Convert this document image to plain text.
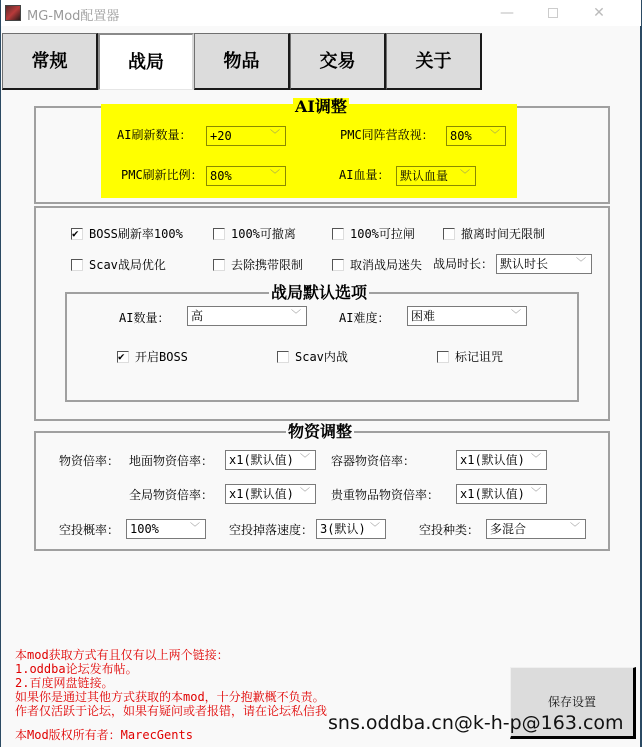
MG-Mod配置器	—	✕
常规	战局	物品	交易	关于
AI调整
AI刷新数量：	+20	﹀	PMC同阵营敌视：	80% ﹀
PMC刷新比例： 80%	﹀	AI血量： 默认血量 ﹀
✔BOSS刷新率100%	100%可撤离	100%可拉闸	撤离时间无限制
Scav战局优化	去除携带限制	取消战局迷失 战局时长： 默认时长	﹀
战局默认选项
AI数量：	高	﹀	AI难度：	困难	﹀
✔开启BOSS	Scav内战	标记诅咒
物资调整
物资倍率： 地面物资倍率：	x1(默认值) ﹀ 容器物资倍率：	x1(默认值) ﹀
全局物资倍率：	x1(默认值) ﹀ 贵重物品物资倍率：	x1(默认值) ﹀
空投概率： 100%	﹀ 空投掉落速度： 3(默认) ﹀	空投种类： 多混合	﹀
本mod获取方式有且仅有以上两个链接：
1.oddba论坛发布帖。
2.百度网盘链接。
如果你是通过其他方式获取的本mod，十分抱歉概不负责。
作者仅活跃于论坛，如果有疑问或者报错，请在论坛私信我
本Mod版权所有者：MarecGents
保存设置
sns.oddba.cn@k-h-p@163.com
